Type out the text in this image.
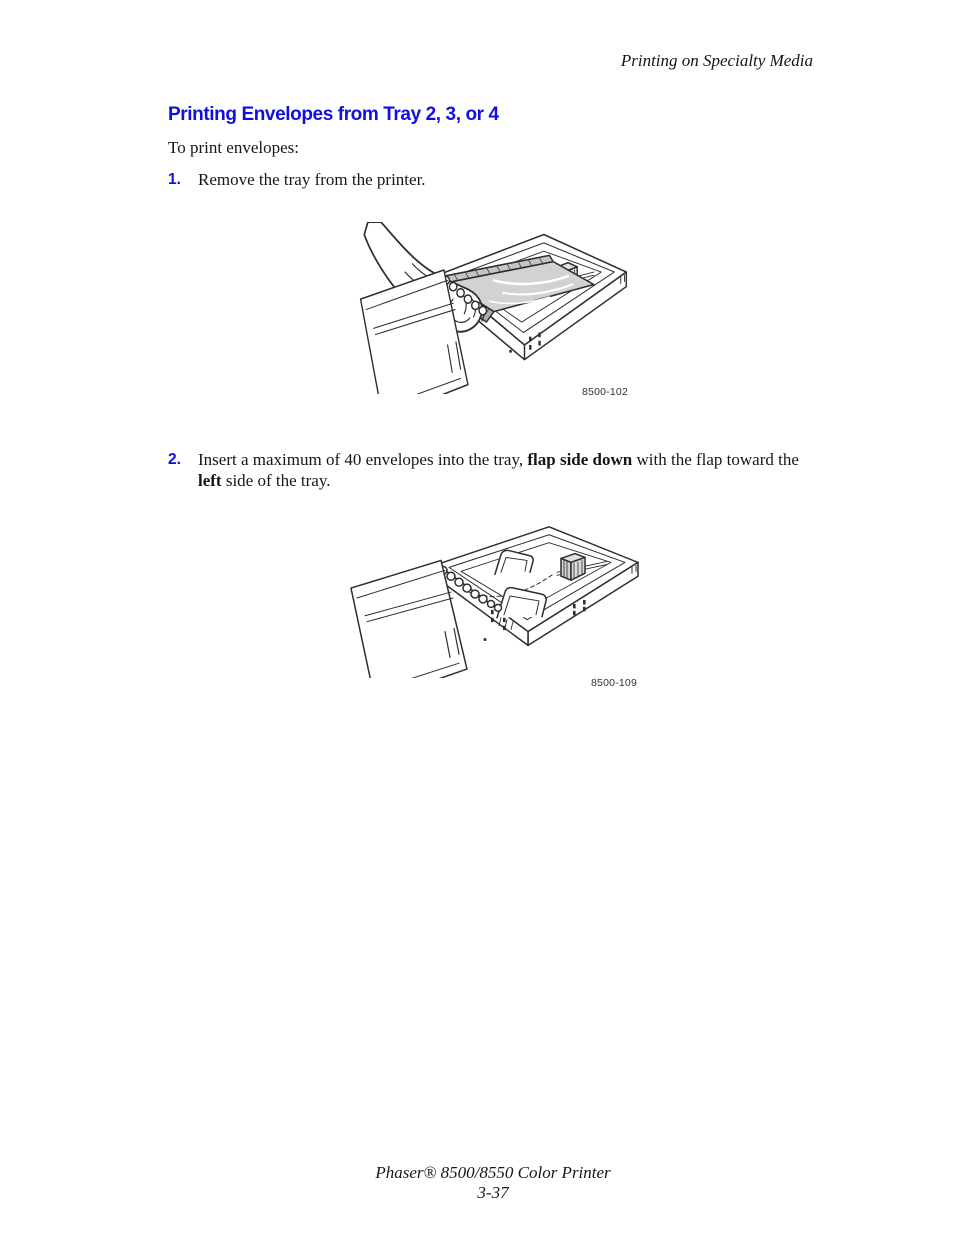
Printing on Specialty Media
Printing Envelopes from Tray 2, 3, or 4

To print envelopes:

1. Remove the tray from the printer.
8500-102
2. Insert a maximum of 40 envelopes into the tray, flap side down with the flap toward the left side of the tray.
8500-109
Phaser® 8500/8550 Color Printer
3-37
